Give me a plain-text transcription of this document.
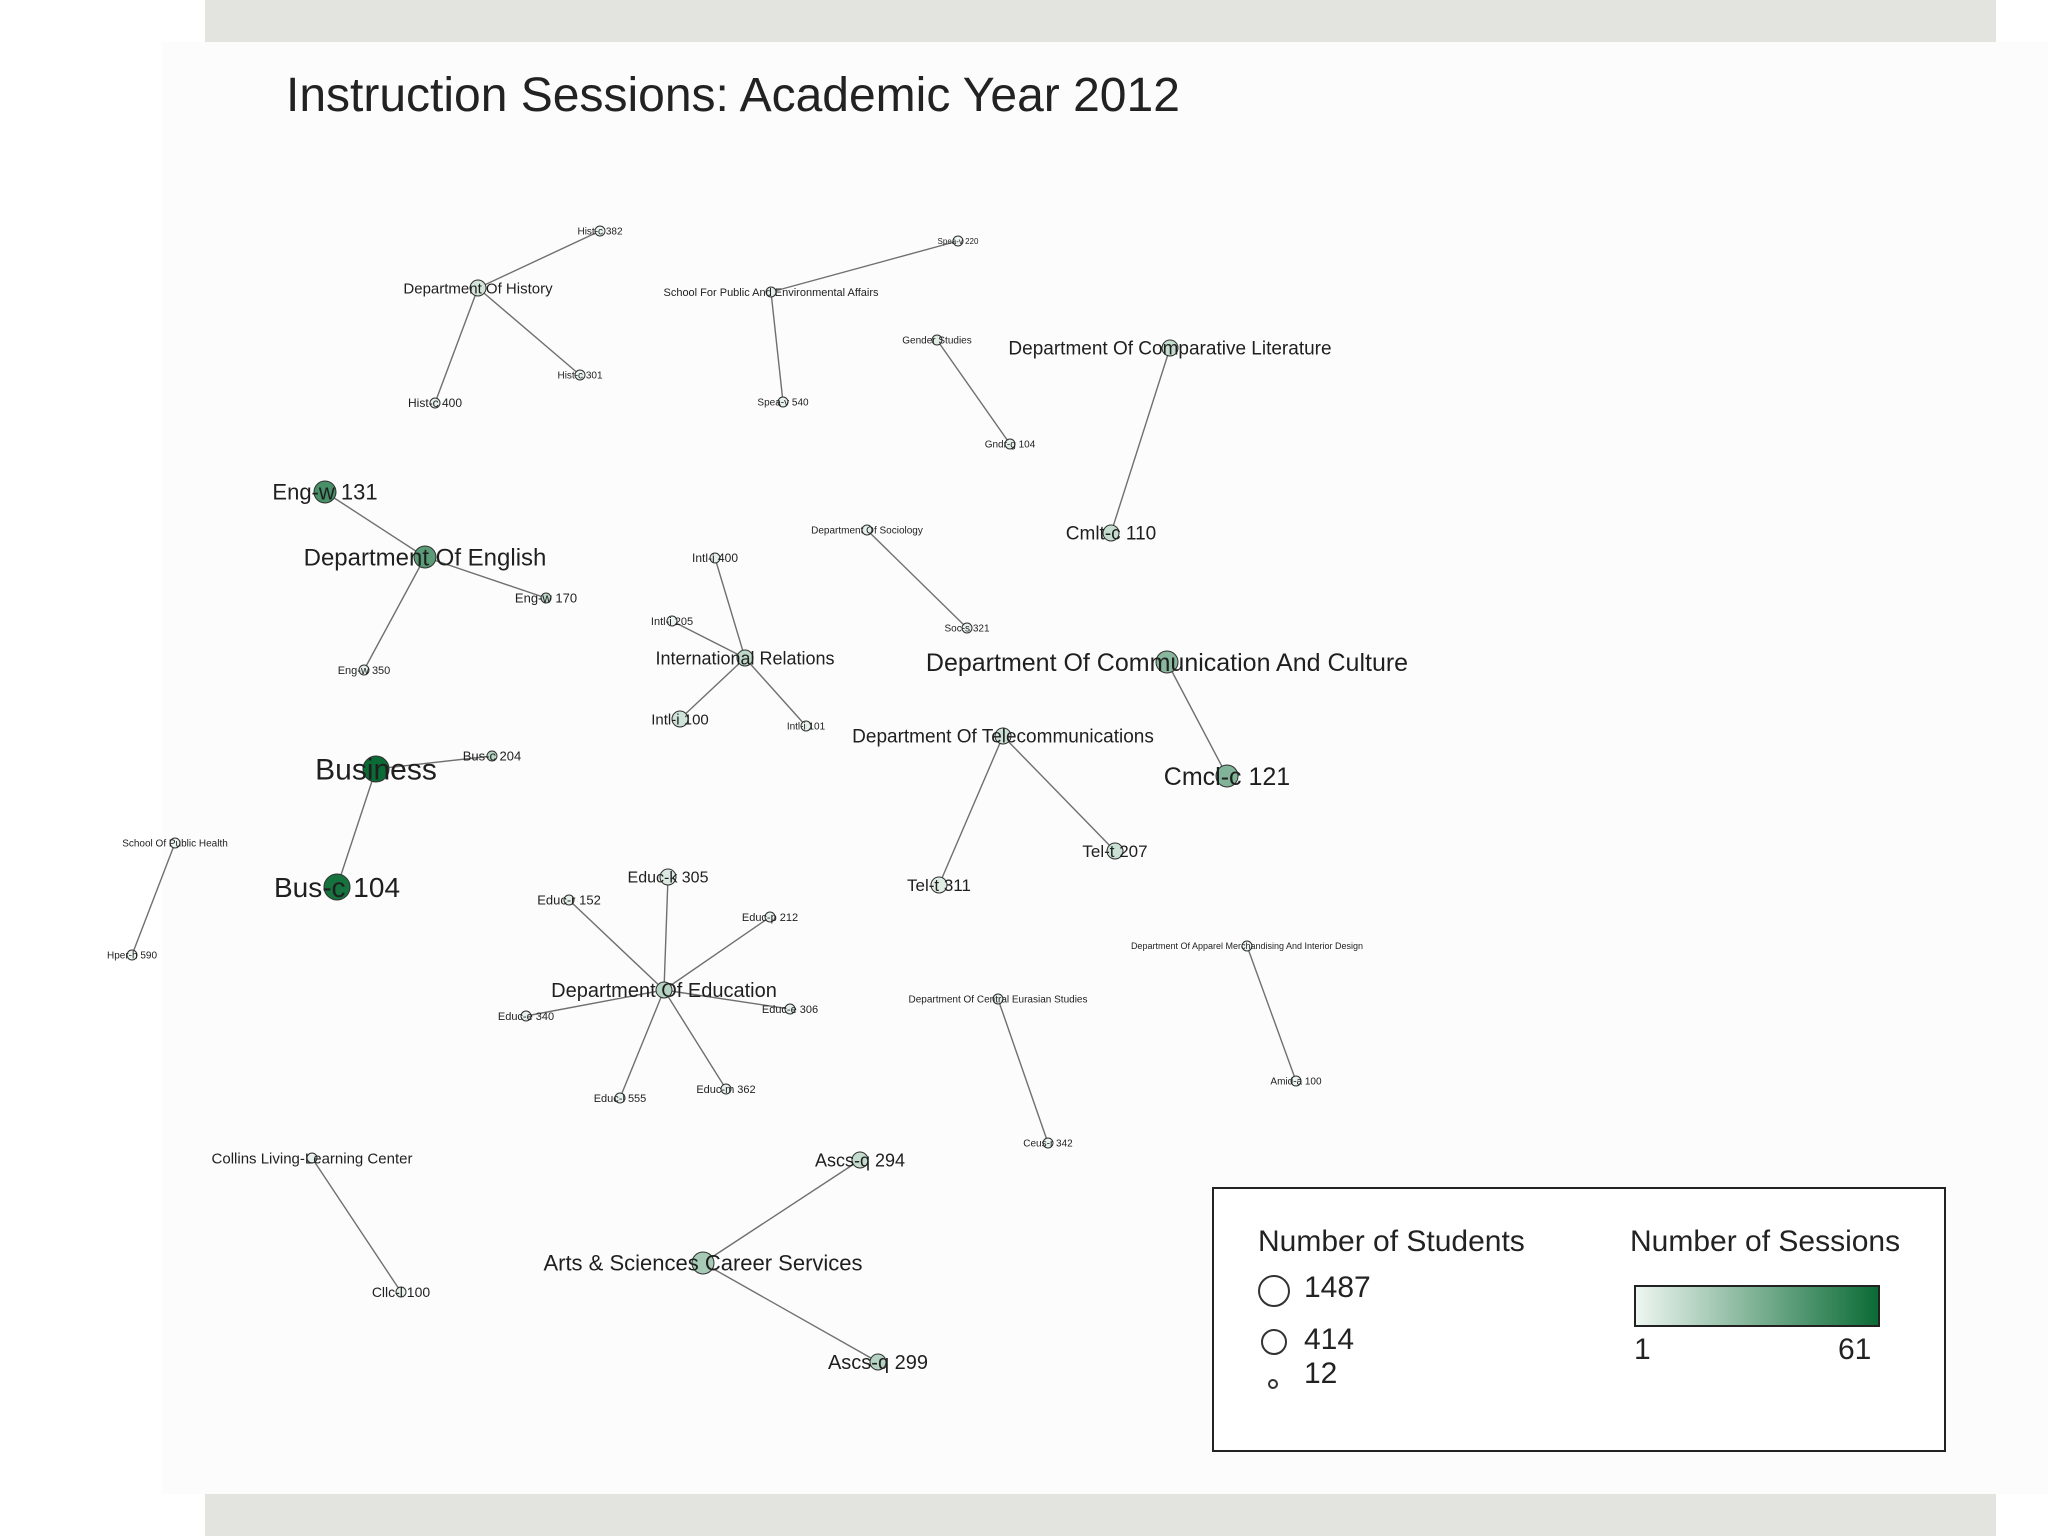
Instruction Sessions: Academic Year 2012
Department Of History
Hist-c 382
Hist-c 301
Hist-c 400
School For Public And Environmental Affairs
Spea-v 220
Spea-v 540
Gender Studies
Gndr-g 104
Department Of Comparative Literature
Cmlt-c 110
Eng-w 131
Department Of English
Eng-w 170
Eng-w 350
Department Of Sociology
Soc-s 321
International Relations
Intl-i 400
Intl-i 205
Intl-i 100	Intl-i 101
Department Of Communication And Culture
Cmcl-c 121
Department Of Telecommunications
Tel-t 207
Tel-t 311
Business Bus-c 204
Bus-c 104
School Of Public Health
Hper-h 590
Department Of Education
Educ-k 305
Educ-r 152
Educ-p 212
Educ-e 340
Educ-e 306
Educ-l 555
Educ-m 362
Department Of Central Eurasian Studies
Ceus-r 342
Department Of Apparel Merchandising And Interior Design
Amid-a 100
Collins Living-Learning Center
Cllc-l 100
Arts & Sciences Career Services
Ascs-q 294
Ascs-q 299
Number of Students
1487
414
12
Number of Sessions
1	61
